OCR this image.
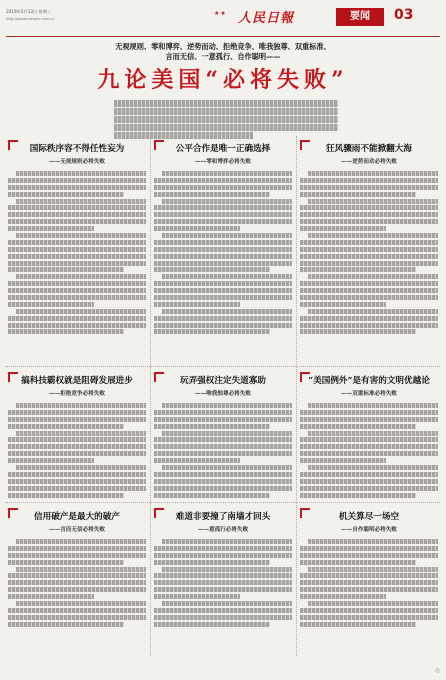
2019年5月13日 星期三
http://paper.people.com.cn
★★ 人民日報	要闻	03
无视规则、零和博弈、逆势而动、拒绝竞争、唯我独尊、双重标准、
言而无信、一意孤行、自作聪明——
九论美国“必将失败”
国际秩序容不得任性妄为
——无视规则必将失败
公平合作是唯一正确选择
——零和博弈必将失败
狂风骤雨不能掀翻大海
——逆势而动必将失败
搞科技霸权就是阻碍发展进步
——拒绝竞争必将失败
玩弄强权注定失道寡助
——唯我独尊必将失败
“美国例外”是有害的文明优越论
——双重标准必将失败
信用破产是最大的破产
——言而无信必将失败
难道非要撞了南墙才回头
——意孤行必将失败
机关算尽一场空
——自作聪明必将失败
◎
